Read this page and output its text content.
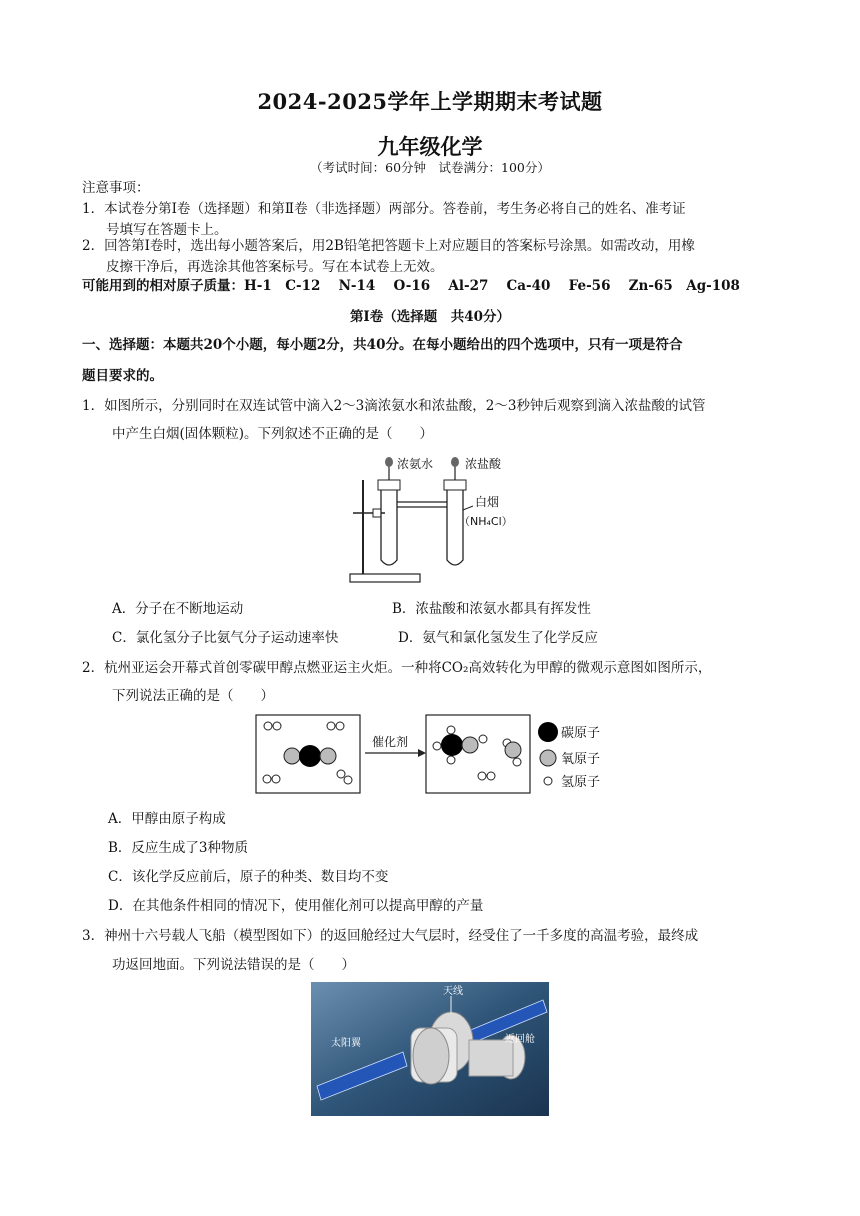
2024-2025学年上学期期末考试题
九年级化学
（考试时间：60分钟　试卷满分：100分）
注意事项：
1．本试卷分第Ⅰ卷（选择题）和第Ⅱ卷（非选择题）两部分。答卷前，考生务必将自己的姓名、准考证
号填写在答题卡上。
2．回答第Ⅰ卷时，选出每小题答案后，用2B铅笔把答题卡上对应题目的答案标号涂黑。如需改动，用橡
皮擦干净后，再选涂其他答案标号。写在本试卷上无效。
可能用到的相对原子质量：H-1　C-12　 N-14　 O-16　 Al-27　 Ca-40　 Fe-56　 Zn-65　Ag-108
第Ⅰ卷（选择题　共40分）
一、选择题：本题共20个小题，每小题2分，共40分。在每小题给出的四个选项中，只有一项是符合
题目要求的。
1．如图所示，分别同时在双连试管中滴入2～3滴浓氨水和浓盐酸，2～3秒钟后观察到滴入浓盐酸的试管
中产生白烟(固体颗粒)。下列叙述不正确的是（　　）
浓氨水	浓盐酸
白烟
（NH₄Cl）
A．分子在不断地运动	B．浓盐酸和浓氨水都具有挥发性
C．氯化氢分子比氨气分子运动速率快	D．氨气和氯化氢发生了化学反应
2．杭州亚运会开幕式首创零碳甲醇点燃亚运主火炬。一种将CO₂高效转化为甲醇的微观示意图如图所示，
下列说法正确的是（　　）
催化剂
碳原子
氧原子
氢原子
A．甲醇由原子构成
B．反应生成了3种物质
C．该化学反应前后，原子的种类、数目均不变
D．在其他条件相同的情况下，使用催化剂可以提高甲醇的产量
3．神州十六号载人飞船（模型图如下）的返回舱经过大气层时，经受住了一千多度的高温考验，最终成
功返回地面。下列说法错误的是（　　）
天线
太阳翼	返回舱
